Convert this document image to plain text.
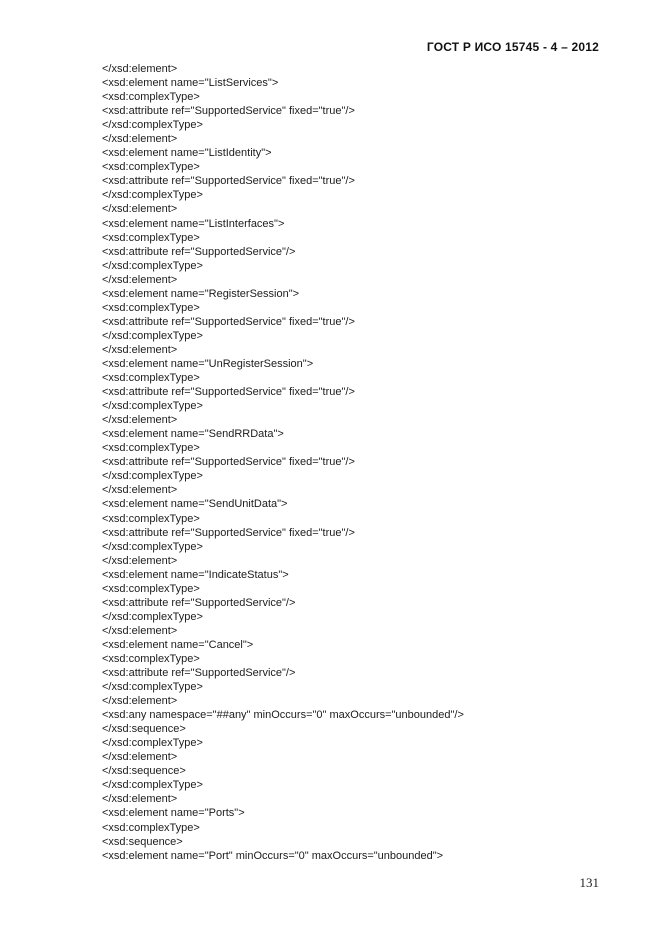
ГОСТ Р ИСО 15745 - 4 – 2012
</xsd:element>
<xsd:element name="ListServices">
<xsd:complexType>
<xsd:attribute ref="SupportedService" fixed="true"/>
</xsd:complexType>
</xsd:element>
<xsd:element name="ListIdentity">
<xsd:complexType>
<xsd:attribute ref="SupportedService" fixed="true"/>
</xsd:complexType>
</xsd:element>
<xsd:element name="ListInterfaces">
<xsd:complexType>
<xsd:attribute ref="SupportedService"/>
</xsd:complexType>
</xsd:element>
<xsd:element name="RegisterSession">
<xsd:complexType>
<xsd:attribute ref="SupportedService" fixed="true"/>
</xsd:complexType>
</xsd:element>
<xsd:element name="UnRegisterSession">
<xsd:complexType>
<xsd:attribute ref="SupportedService" fixed="true"/>
</xsd:complexType>
</xsd:element>
<xsd:element name="SendRRData">
<xsd:complexType>
<xsd:attribute ref="SupportedService" fixed="true"/>
</xsd:complexType>
</xsd:element>
<xsd:element name="SendUnitData">
<xsd:complexType>
<xsd:attribute ref="SupportedService" fixed="true"/>
</xsd:complexType>
</xsd:element>
<xsd:element name="IndicateStatus">
<xsd:complexType>
<xsd:attribute ref="SupportedService"/>
</xsd:complexType>
</xsd:element>
<xsd:element name="Cancel">
<xsd:complexType>
<xsd:attribute ref="SupportedService"/>
</xsd:complexType>
</xsd:element>
<xsd:any namespace="##any" minOccurs="0" maxOccurs="unbounded"/>
</xsd:sequence>
</xsd:complexType>
</xsd:element>
</xsd:sequence>
</xsd:complexType>
</xsd:element>
<xsd:element name="Ports">
<xsd:complexType>
<xsd:sequence>
<xsd:element name="Port" minOccurs="0" maxOccurs="unbounded">
131
